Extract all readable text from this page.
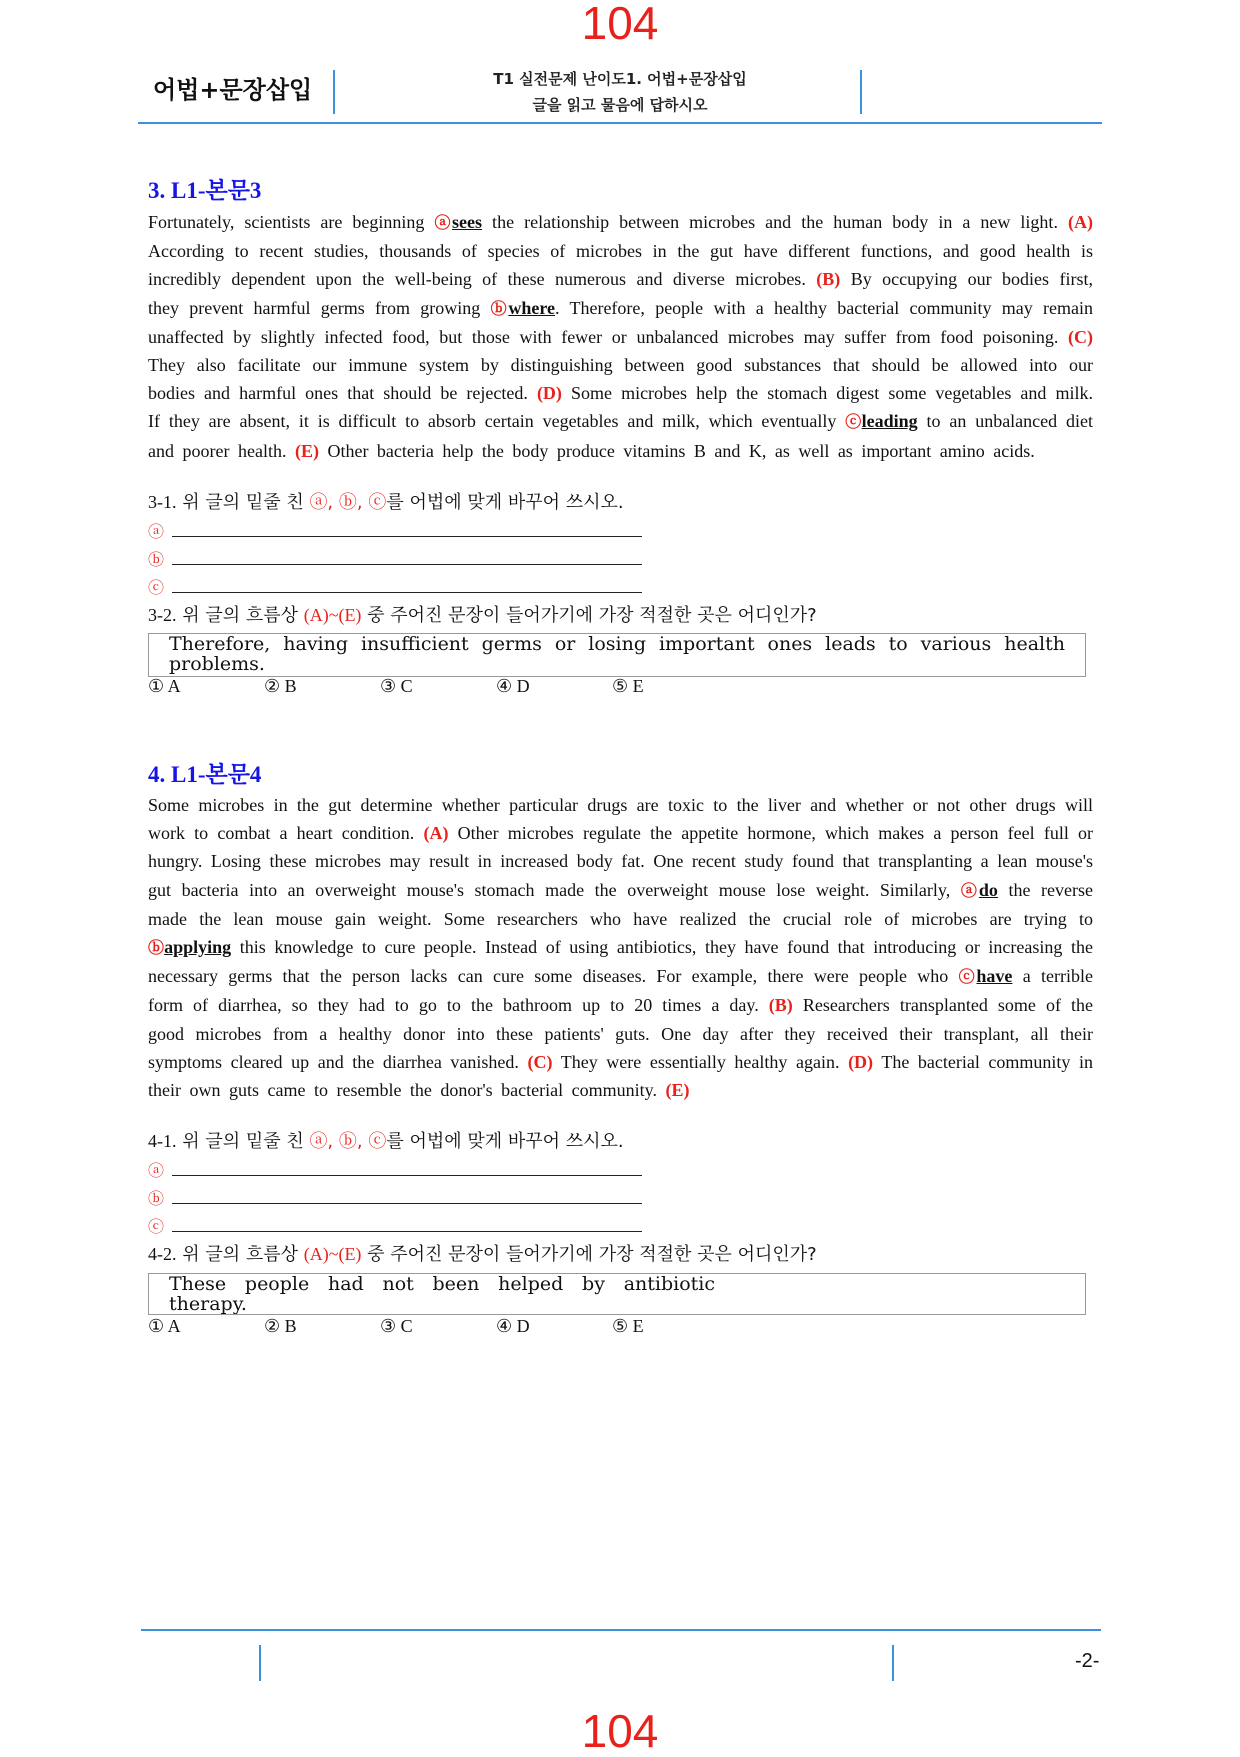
104
어법+문장삽입	T1 실전문제 난이도1. 어법+문장삽입
글을 읽고 물음에 답하시오
3. L1-본문3
Fortunately, scientists are beginning ⓐsees the relationship between microbes and the human body in a new light. (A) According to recent studies, thousands of species of microbes in the gut have different functions, and good health is incredibly dependent upon the well-being of these numerous and diverse microbes. (B) By occupying our bodies first, they prevent harmful germs from growing ⓑwhere. Therefore, people with a healthy bacterial community may remain unaffected by slightly infected food, but those with fewer or unbalanced microbes may suffer from food poisoning. (C) They also facilitate our immune system by distinguishing between good substances that should be allowed into our bodies and harmful ones that should be rejected. (D) Some microbes help the stomach digest some vegetables and milk. If they are absent, it is difficult to absorb certain vegetables and milk, which eventually ⓒleading to an unbalanced diet and poorer health. (E) Other bacteria help the body produce vitamins B and K, as well as important amino acids.
3-1. 위 글의 밑줄 친 ⓐ, ⓑ, ⓒ를 어법에 맞게 바꾸어 쓰시오.
ⓐ
ⓑ
ⓒ
3-2. 위 글의 흐름상 (A)~(E) 중 주어진 문장이 들어가기에 가장 적절한 곳은 어디인가?
Therefore, having insufficient germs or losing important ones leads to various health problems.
① A	② B	③ C	④ D	⑤ E
4. L1-본문4
Some microbes in the gut determine whether particular drugs are toxic to the liver and whether or not other drugs will work to combat a heart condition. (A) Other microbes regulate the appetite hormone, which makes a person feel full or hungry. Losing these microbes may result in increased body fat. One recent study found that transplanting a lean mouse's gut bacteria into an overweight mouse's stomach made the overweight mouse lose weight. Similarly, ⓐdo the reverse made the lean mouse gain weight. Some researchers who have realized the crucial role of microbes are trying to ⓑapplying this knowledge to cure people. Instead of using antibiotics, they have found that introducing or increasing the necessary germs that the person lacks can cure some diseases. For example, there were people who ⓒhave a terrible form of diarrhea, so they had to go to the bathroom up to 20 times a day. (B) Researchers transplanted some of the good microbes from a healthy donor into these patients' guts. One day after they received their transplant, all their symptoms cleared up and the diarrhea vanished. (C) They were essentially healthy again. (D) The bacterial community in their own guts came to resemble the donor's bacterial community. (E)
4-1. 위 글의 밑줄 친 ⓐ, ⓑ, ⓒ를 어법에 맞게 바꾸어 쓰시오.
ⓐ
ⓑ
ⓒ
4-2. 위 글의 흐름상 (A)~(E) 중 주어진 문장이 들어가기에 가장 적절한 곳은 어디인가?
These people had not been helped by antibiotic therapy.
① A	② B	③ C	④ D	⑤ E
-2-
104
